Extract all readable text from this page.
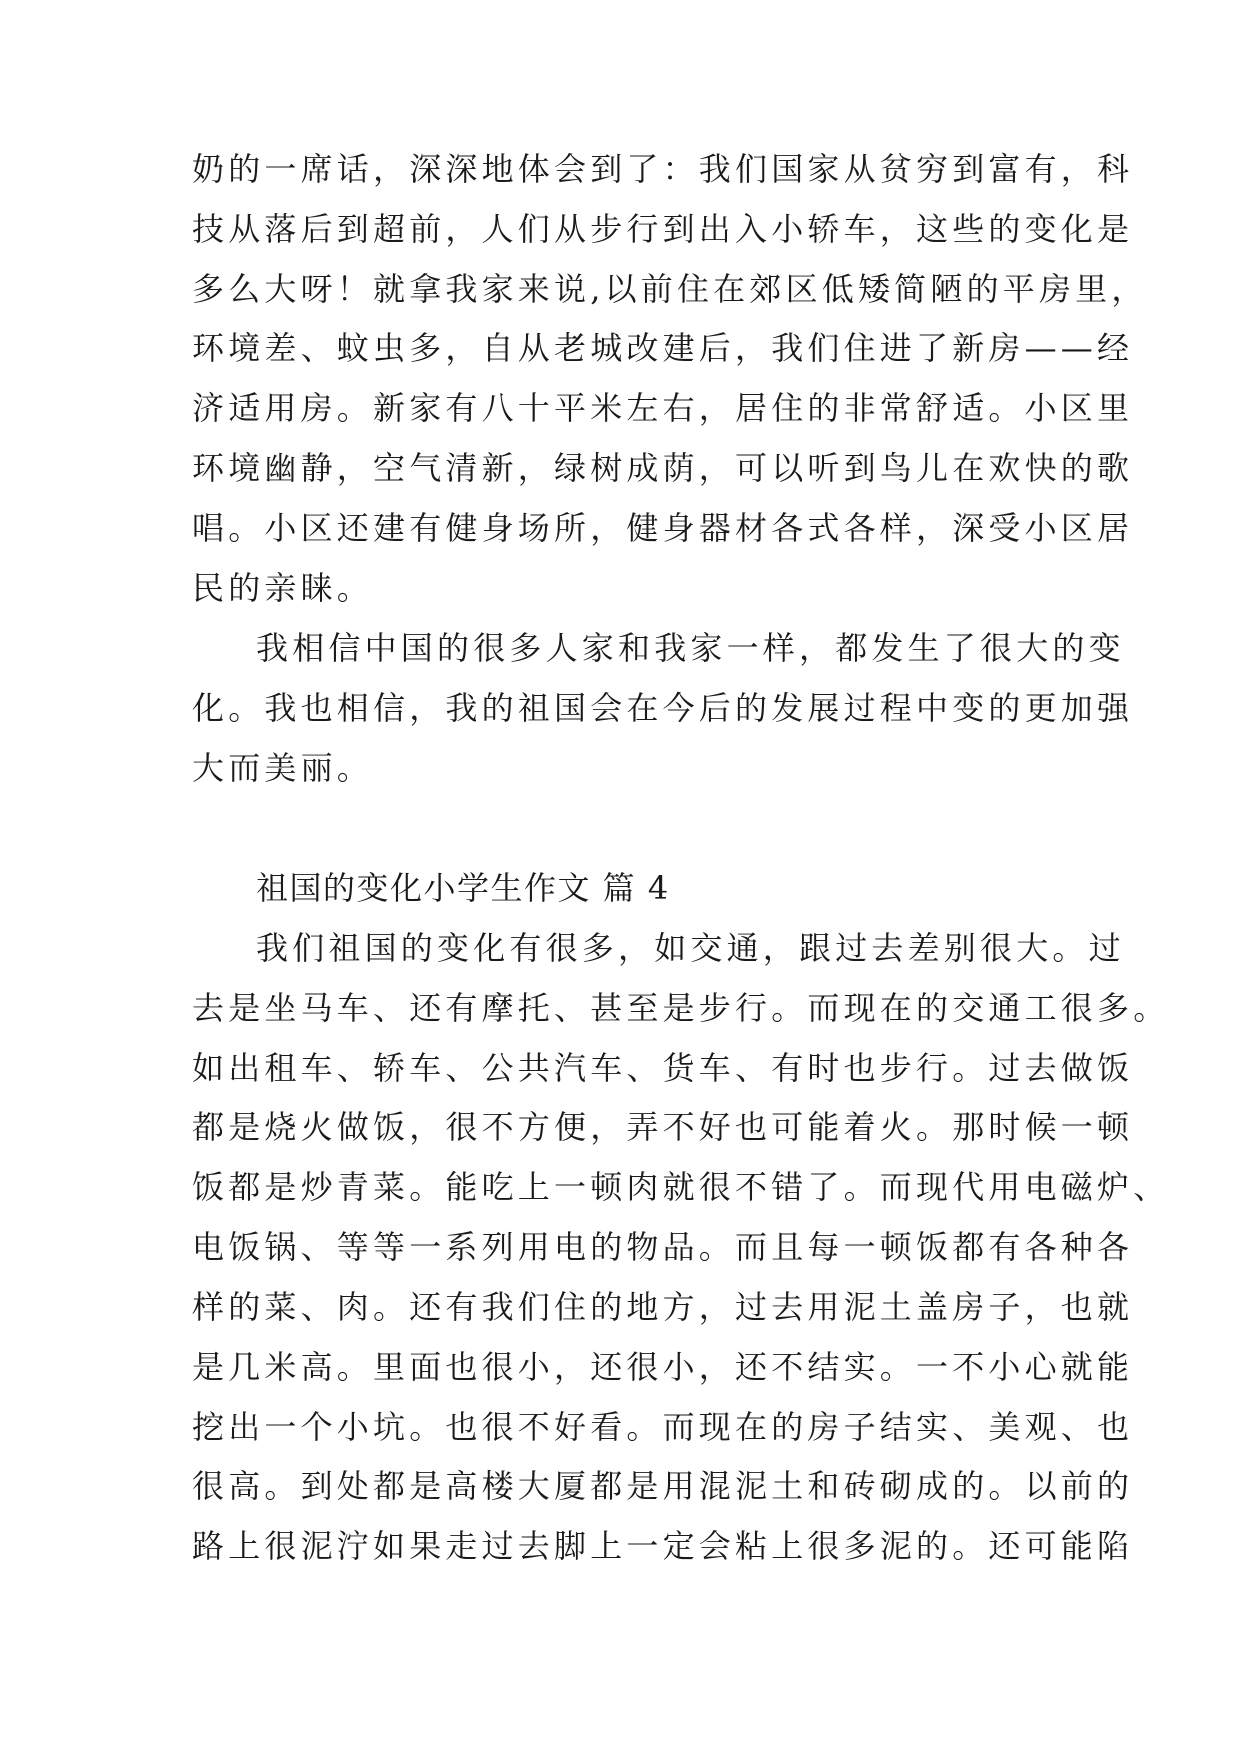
奶的一席话，深深地体会到了：我们国家从贫穷到富有，科
技从落后到超前，人们从步行到出入小轿车，这些的变化是
多么大呀！就拿我家来说,以前住在郊区低矮简陋的平房里，
环境差、蚊虫多，自从老城改建后，我们住进了新房——经
济适用房。新家有八十平米左右，居住的非常舒适。小区里
环境幽静，空气清新，绿树成荫，可以听到鸟儿在欢快的歌
唱。小区还建有健身场所，健身器材各式各样，深受小区居
民的亲睐。
我相信中国的很多人家和我家一样，都发生了很大的变
化。我也相信，我的祖国会在今后的发展过程中变的更加强
大而美丽。
祖国的变化小学生作文 篇 4
我们祖国的变化有很多，如交通，跟过去差别很大。过
去是坐马车、还有摩托、甚至是步行。而现在的交通工很多。
如出租车、轿车、公共汽车、货车、有时也步行。过去做饭
都是烧火做饭，很不方便，弄不好也可能着火。那时候一顿
饭都是炒青菜。能吃上一顿肉就很不错了。而现代用电磁炉、
电饭锅、等等一系列用电的物品。而且每一顿饭都有各种各
样的菜、肉。还有我们住的地方，过去用泥土盖房子，也就
是几米高。里面也很小，还很小，还不结实。一不小心就能
挖出一个小坑。也很不好看。而现在的房子结实、美观、也
很高。到处都是高楼大厦都是用混泥土和砖砌成的。以前的
路上很泥泞如果走过去脚上一定会粘上很多泥的。还可能陷
